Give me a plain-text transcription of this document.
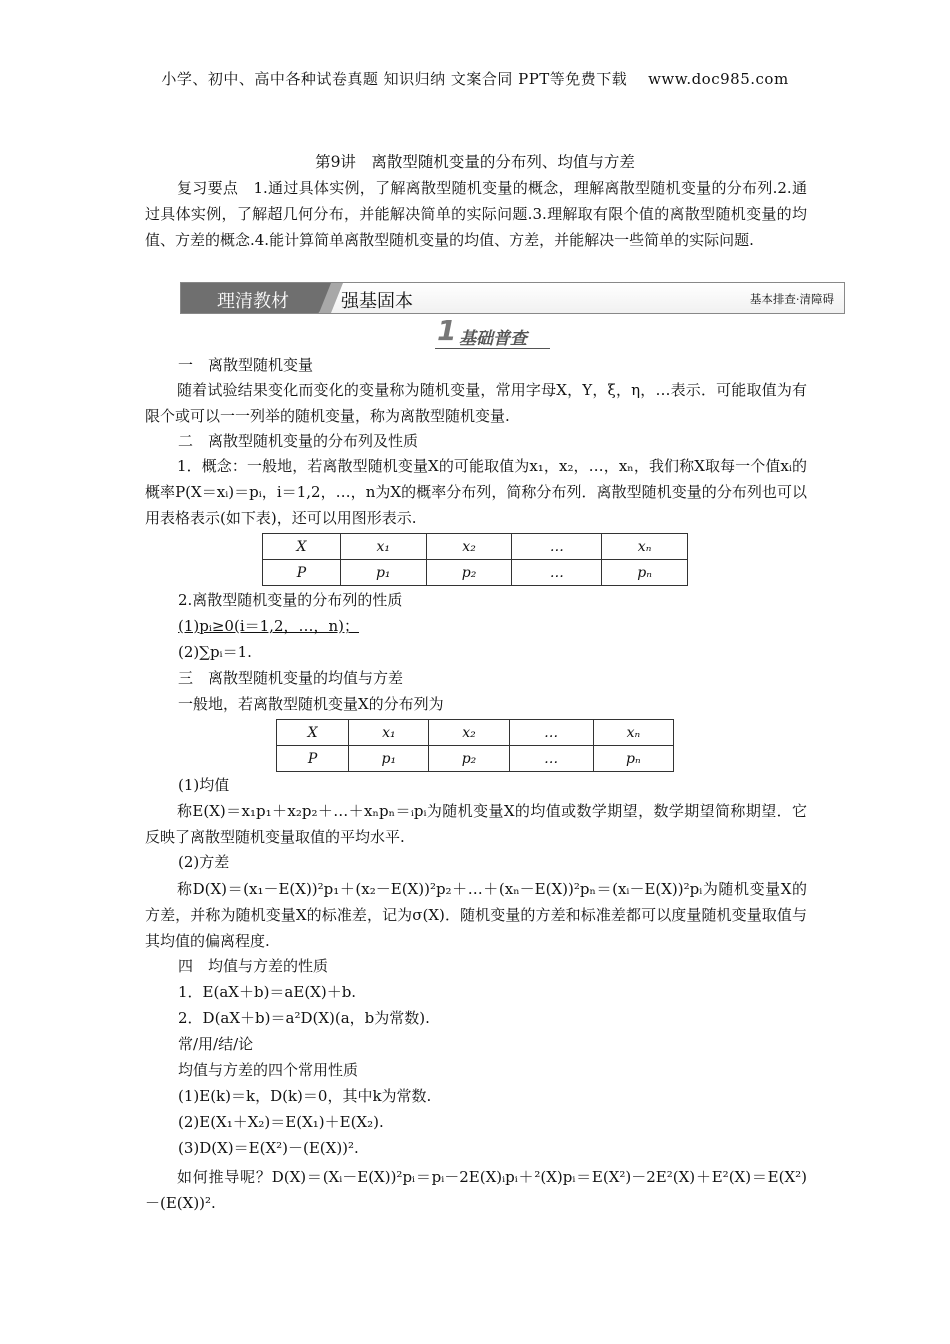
小学、初中、高中各种试卷真题 知识归纳 文案合同 PPT等免费下载　 www.doc985.com
第9讲　离散型随机变量的分布列、均值与方差
复习要点　1.通过具体实例，了解离散型随机变量的概念，理解离散型随机变量的分布列.2.通过具体实例，了解超几何分布，并能解决简单的实际问题.3.理解取有限个值的离散型随机变量的均值、方差的概念.4.能计算简单离散型随机变量的均值、方差，并能解决一些简单的实际问题.
理清教材	强基固本	基本排查·清障碍
1 基础普查
一　离散型随机变量
随着试验结果变化而变化的变量称为随机变量，常用字母X，Y，ξ，η，…表示．可能取值为有限个或可以一一列举的随机变量，称为离散型随机变量.
二　离散型随机变量的分布列及性质
1．概念：一般地，若离散型随机变量X的可能取值为x₁，x₂，…，xₙ，我们称X取每一个值xᵢ的概率P(X＝xᵢ)＝pᵢ，i＝1,2，…，n为X的概率分布列，简称分布列．离散型随机变量的分布列也可以用表格表示(如下表)，还可以用图形表示.
X	x₁	x₂	…	xₙ
P	p₁	p₂	…	pₙ
2.离散型随机变量的分布列的性质
(1)pᵢ≥0(i＝1,2，…，n)；
(2)∑pᵢ＝1.
三　离散型随机变量的均值与方差
一般地，若离散型随机变量X的分布列为
X	x₁	x₂	…	xₙ
P	p₁	p₂	…	pₙ
(1)均值
称E(X)＝x₁p₁＋x₂p₂＋…＋xₙpₙ＝ᵢpᵢ为随机变量X的均值或数学期望，数学期望简称期望．它反映了离散型随机变量取值的平均水平.
(2)方差
称D(X)＝(x₁－E(X))²p₁＋(x₂－E(X))²p₂＋…＋(xₙ－E(X))²pₙ＝(xᵢ－E(X))²pᵢ为随机变量X的方差，并称为随机变量X的标准差，记为σ(X)．随机变量的方差和标准差都可以度量随机变量取值与其均值的偏离程度.
四　均值与方差的性质
1．E(aX＋b)＝aE(X)＋b.
2．D(aX＋b)＝a²D(X)(a，b为常数).
常/用/结/论
均值与方差的四个常用性质
(1)E(k)＝k，D(k)＝0，其中k为常数.
(2)E(X₁＋X₂)＝E(X₁)＋E(X₂).
(3)D(X)＝E(X²)－(E(X))².
如何推导呢？D(X)＝(Xᵢ－E(X))²pᵢ＝pᵢ－2E(X)ᵢpᵢ＋²(X)pᵢ＝E(X²)－2E²(X)＋E²(X)＝E(X²)－(E(X))².
